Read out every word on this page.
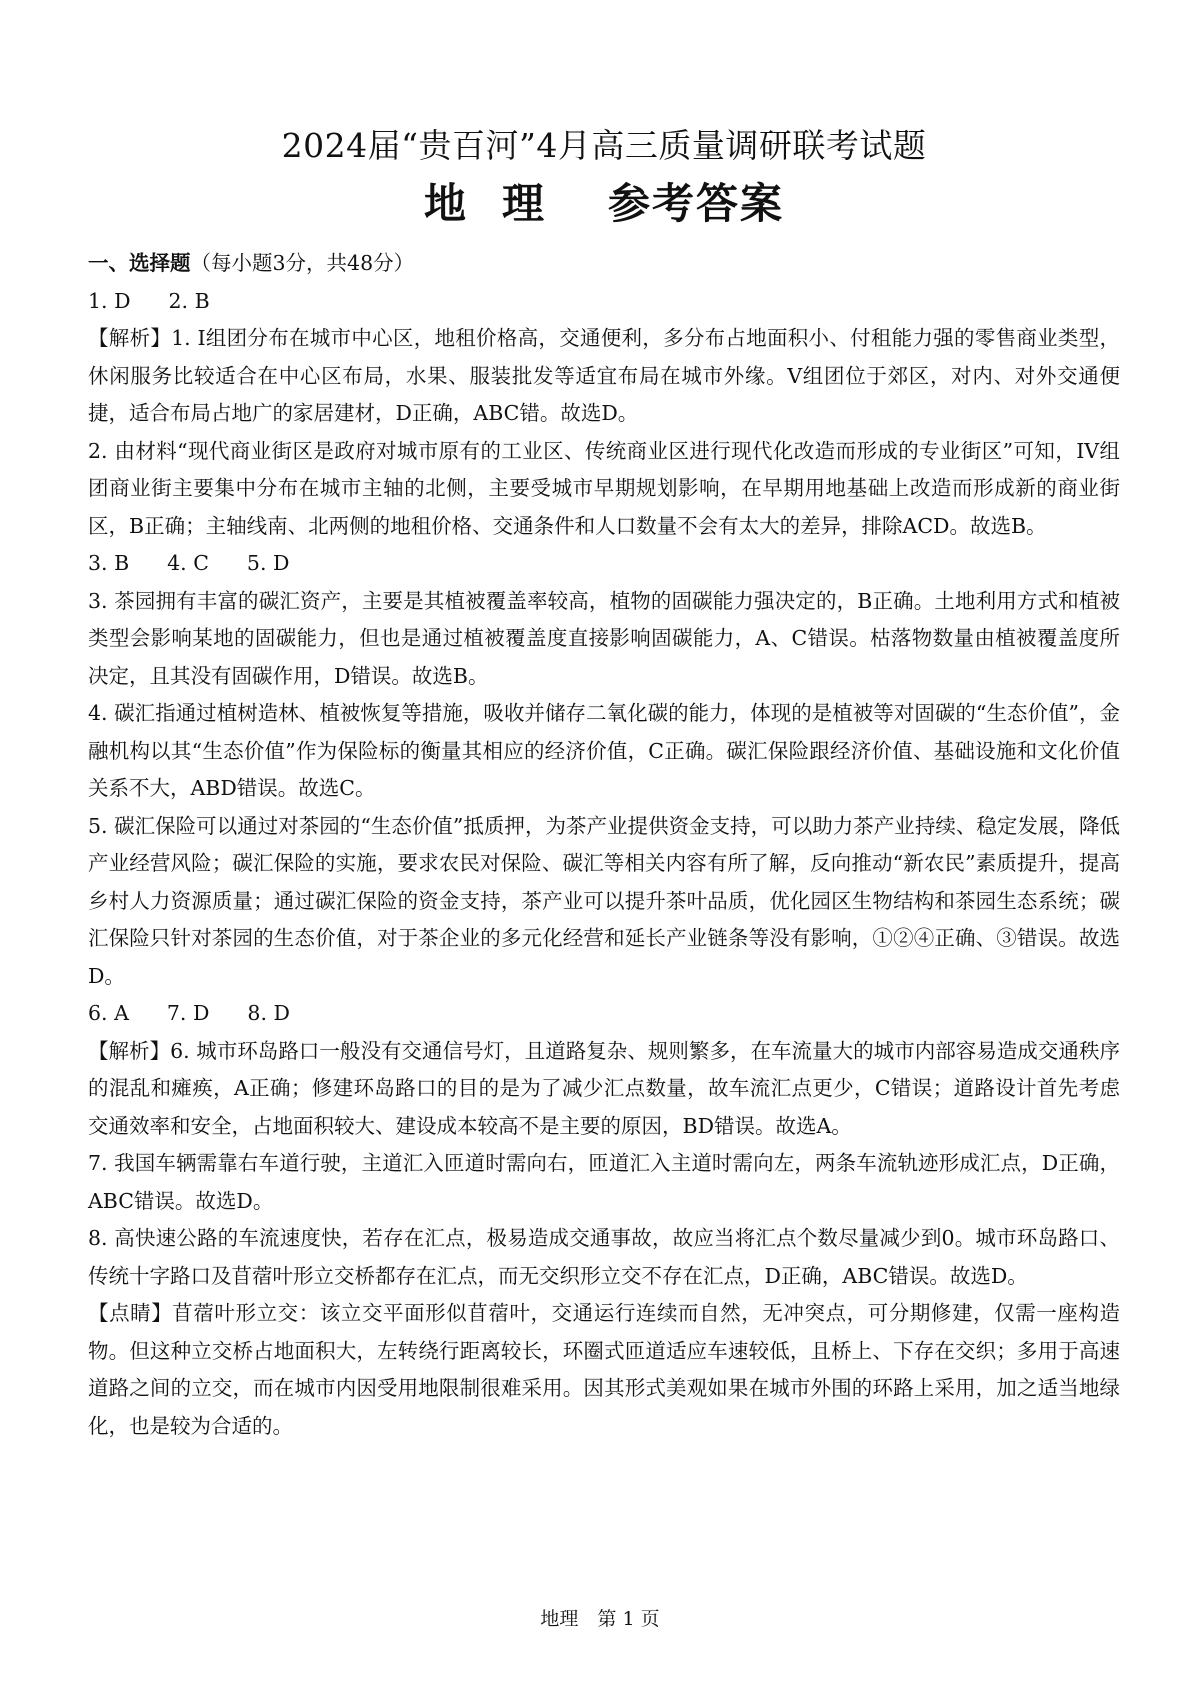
2024届“贵百河”4月高三质量调研联考试题
地 理 参考答案
一、选择题（每小题3分，共48分）
1. D 2. B

【解析】1. I组团分布在城市中心区，地租价格高，交通便利，多分布占地面积小、付租能力强的零售商业类型，休闲服务比较适合在中心区布局，水果、服装批发等适宜布局在城市外缘。V组团位于郊区，对内、对外交通便捷，适合布局占地广的家居建材，D正确，ABC错。故选D。

2. 由材料“现代商业街区是政府对城市原有的工业区、传统商业区进行现代化改造而形成的专业街区”可知，IV组团商业街主要集中分布在城市主轴的北侧，主要受城市早期规划影响，在早期用地基础上改造而形成新的商业街区，B正确；主轴线南、北两侧的地租价格、交通条件和人口数量不会有太大的差异，排除ACD。故选B。

3. B 4. C 5. D

3. 茶园拥有丰富的碳汇资产，主要是其植被覆盖率较高，植物的固碳能力强决定的，B正确。土地利用方式和植被类型会影响某地的固碳能力，但也是通过植被覆盖度直接影响固碳能力，A、C错误。枯落物数量由植被覆盖度所决定，且其没有固碳作用，D错误。故选B。

4. 碳汇指通过植树造林、植被恢复等措施，吸收并储存二氧化碳的能力，体现的是植被等对固碳的“生态价值”，金融机构以其“生态价值”作为保险标的衡量其相应的经济价值，C正确。碳汇保险跟经济价值、基础设施和文化价值关系不大，ABD错误。故选C。

5. 碳汇保险可以通过对茶园的“生态价值”抵质押，为茶产业提供资金支持，可以助力茶产业持续、稳定发展，降低产业经营风险；碳汇保险的实施，要求农民对保险、碳汇等相关内容有所了解，反向推动“新农民”素质提升，提高乡村人力资源质量；通过碳汇保险的资金支持，茶产业可以提升茶叶品质，优化园区生物结构和茶园生态系统；碳汇保险只针对茶园的生态价值，对于茶企业的多元化经营和延长产业链条等没有影响，①②④正确、③错误。故选D。

6. A 7. D 8. D

【解析】6. 城市环岛路口一般没有交通信号灯，且道路复杂、规则繁多，在车流量大的城市内部容易造成交通秩序的混乱和瘫痪，A正确；修建环岛路口的目的是为了减少汇点数量，故车流汇点更少，C错误；道路设计首先考虑交通效率和安全，占地面积较大、建设成本较高不是主要的原因，BD错误。故选A。

7. 我国车辆需靠右车道行驶，主道汇入匝道时需向右，匝道汇入主道时需向左，两条车流轨迹形成汇点，D正确，ABC错误。故选D。

8. 高快速公路的车流速度快，若存在汇点，极易造成交通事故，故应当将汇点个数尽量减少到0。城市环岛路口、传统十字路口及苜蓿叶形立交桥都存在汇点，而无交织形立交不存在汇点，D正确，ABC错误。故选D。

【点睛】苜蓿叶形立交：该立交平面形似苜蓿叶，交通运行连续而自然，无冲突点，可分期修建，仅需一座构造物。但这种立交桥占地面积大，左转绕行距离较长，环圈式匝道适应车速较低，且桥上、下存在交织；多用于高速道路之间的立交，而在城市内因受用地限制很难采用。因其形式美观如果在城市外围的环路上采用，加之适当地绿化，也是较为合适的。

地理　第 1 页
